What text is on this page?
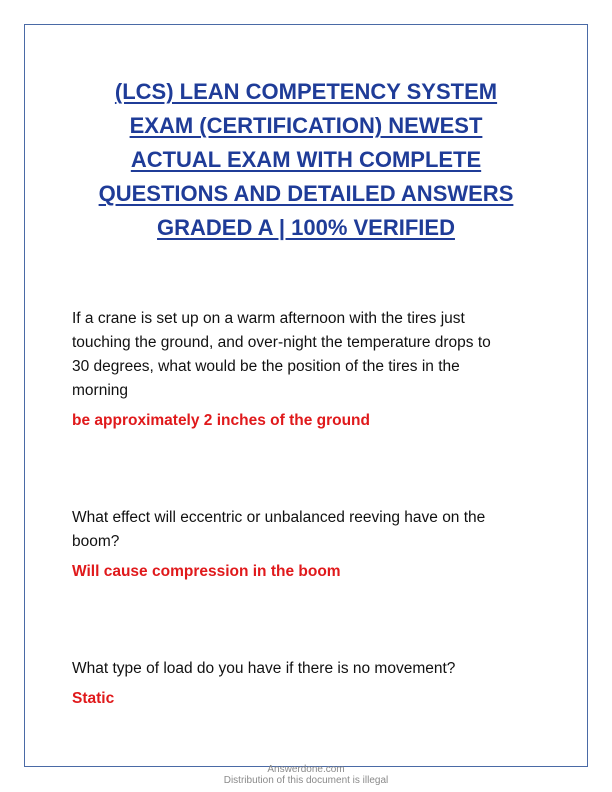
(LCS) LEAN COMPETENCY SYSTEM
EXAM (CERTIFICATION) NEWEST
ACTUAL EXAM WITH COMPLETE
QUESTIONS AND DETAILED ANSWERS
GRADED A | 100% VERIFIED
If a crane is set up on a warm afternoon with the tires just
touching the ground, and over-night the temperature drops to
30 degrees, what would be the position of the tires in the
morning
be approximately 2 inches of the ground
What effect will eccentric or unbalanced reeving have on the
boom?
Will cause compression in the boom
What type of load do you have if there is no movement?
Static
Answerdone.com
Distribution of this document is illegal
